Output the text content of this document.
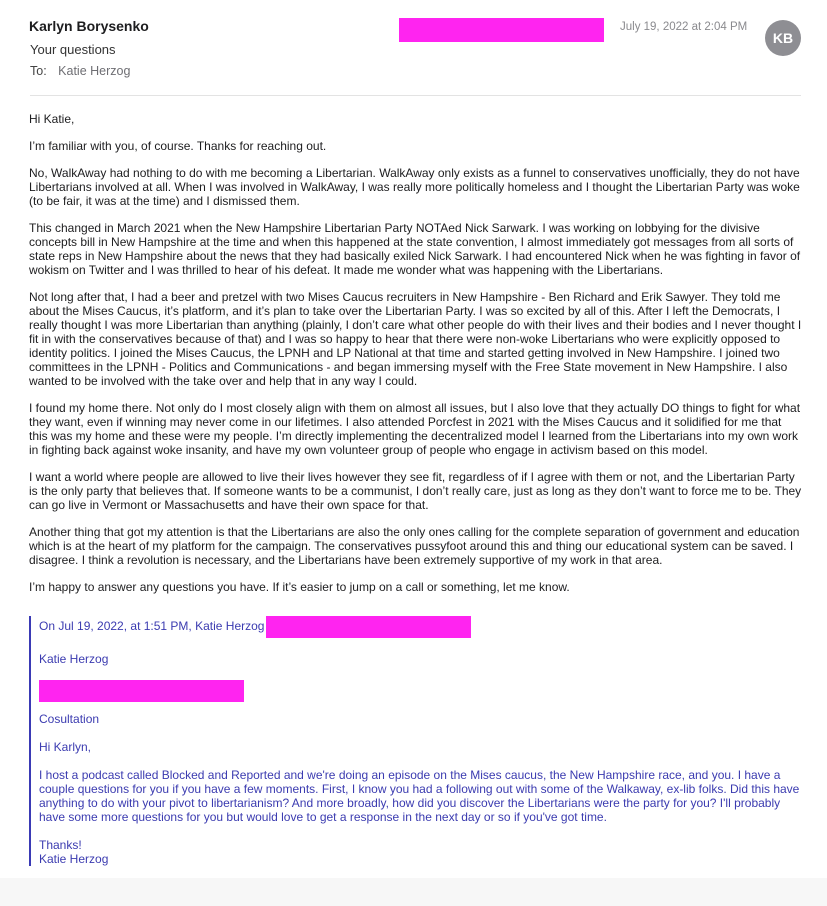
Karlyn Borysenko
Your questions
To: Katie Herzog
July 19, 2022 at 2:04 PM
KB

Hi Katie,

I’m familiar with you, of course. Thanks for reaching out.

No, WalkAway had nothing to do with me becoming a Libertarian. WalkAway only exists as a funnel to conservatives unofficially, they do not have Libertarians involved at all. When I was involved in WalkAway, I was really more politically homeless and I thought the Libertarian Party was woke (to be fair, it was at the time) and I dismissed them.

This changed in March 2021 when the New Hampshire Libertarian Party NOTAed Nick Sarwark. I was working on lobbying for the divisive concepts bill in New Hampshire at the time and when this happened at the state convention, I almost immediately got messages from all sorts of state reps in New Hampshire about the news that they had basically exiled Nick Sarwark. I had encountered Nick when he was fighting in favor of wokism on Twitter and I was thrilled to hear of his defeat. It made me wonder what was happening with the Libertarians.

Not long after that, I had a beer and pretzel with two Mises Caucus recruiters in New Hampshire - Ben Richard and Erik Sawyer. They told me about the Mises Caucus, it’s platform, and it’s plan to take over the Libertarian Party. I was so excited by all of this. After I left the Democrats, I really thought I was more Libertarian than anything (plainly, I don’t care what other people do with their lives and their bodies and I never thought I fit in with the conservatives because of that) and I was so happy to hear that there were non-woke Libertarians who were explicitly opposed to identity politics. I joined the Mises Caucus, the LPNH and LP National at that time and started getting involved in New Hampshire. I joined two committees in the LPNH - Politics and Communications - and began immersing myself with the Free State movement in New Hampshire. I also wanted to be involved with the take over and help that in any way I could.

I found my home there. Not only do I most closely align with them on almost all issues, but I also love that they actually DO things to fight for what they want, even if winning may never come in our lifetimes. I also attended Porcfest in 2021 with the Mises Caucus and it solidified for me that this was my home and these were my people. I’m directly implementing the decentralized model I learned from the Libertarians into my own work in fighting back against woke insanity, and have my own volunteer group of people who engage in activism based on this model.

I want a world where people are allowed to live their lives however they see fit, regardless of if I agree with them or not, and the Libertarian Party is the only party that believes that. If someone wants to be a communist, I don’t really care, just as long as they don’t want to force me to be. They can go live in Vermont or Massachusetts and have their own space for that.

Another thing that got my attention is that the Libertarians are also the only ones calling for the complete separation of government and education which is at the heart of my platform for the campaign. The conservatives pussyfoot around this and thing our educational system can be saved. I disagree. I think a revolution is necessary, and the Libertarians have been extremely supportive of my work in that area.

I’m happy to answer any questions you have. If it’s easier to jump on a call or something, let me know.

On Jul 19, 2022, at 1:51 PM, Katie Herzog

Katie Herzog

Cosultation

Hi Karlyn,

I host a podcast called Blocked and Reported and we're doing an episode on the Mises caucus, the New Hampshire race, and you. I have a couple questions for you if you have a few moments. First, I know you had a following out with some of the Walkaway, ex-lib folks. Did this have anything to do with your pivot to libertarianism? And more broadly, how did you discover the Libertarians were the party for you? I'll probably have some more questions for you but would love to get a response in the next day or so if you've got time.

Thanks!
Katie Herzog
